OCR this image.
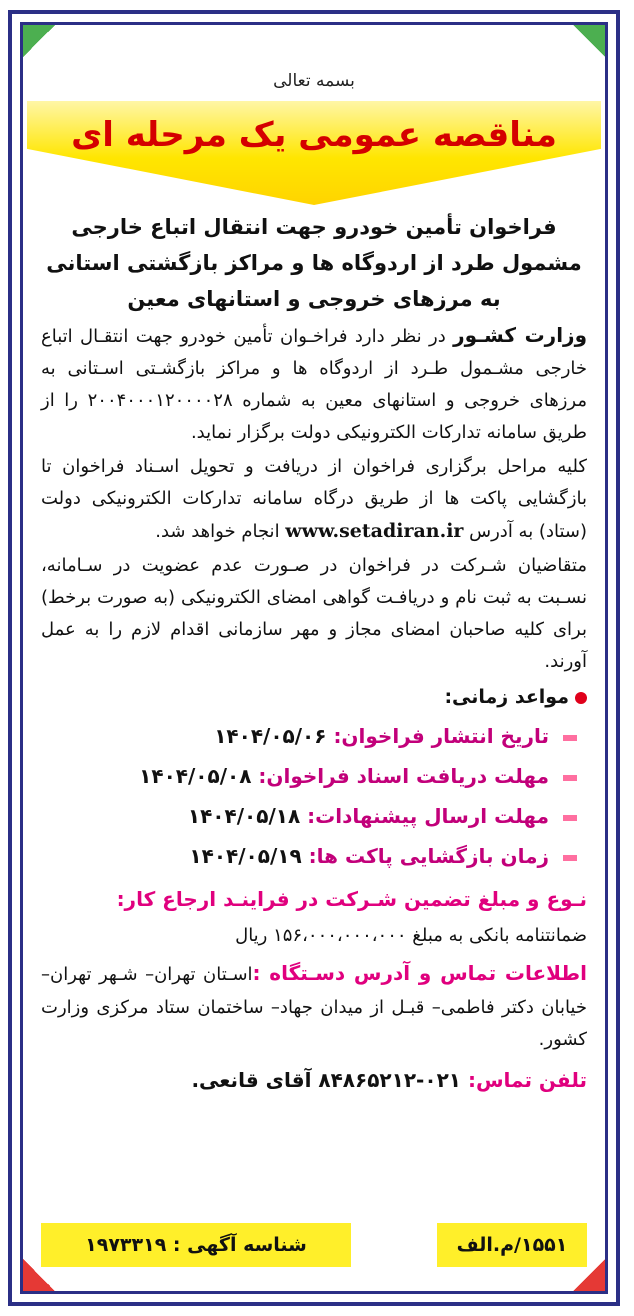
بسمه تعالی
مناقصه عمومی یک مرحله ای
فراخوان تأمین خودرو جهت انتقال اتباع خارجی
مشمول طرد از اردوگاه ها و مراکز بازگشتی استانی
به مرزهای خروجی و استانهای معین
وزارت کشـور در نظر دارد فراخـوان تأمین خودرو جهت انتقـال اتباع خارجی مشـمول طـرد از اردوگاه ها و مراکز بازگشـتی اسـتانی به مرزهای خروجی و استانهای معین به شماره ۲۰۰۴۰۰۰۱۲۰۰۰۰۲۸ را از طریق سامانه تدارکات الکترونیکی دولت برگزار نماید.
کلیه مراحل برگزاری فراخوان از دریافت و تحویل اسـناد فراخوان تا بازگشایی پاکت ها از طریق درگاه سامانه تدارکات الکترونیکی دولت (ستاد) به آدرس www.setadiran.ir انجام خواهد شد.
متقاضیان شـرکت در فراخوان در صـورت عدم عضویت در سـامانه، نسـبت به ثبت نام و دریافـت گواهی امضای الکترونیکی (به صورت برخط) برای کلیه صاحبان امضای مجاز و مهر سازمانی اقدام لازم را به عمل آورند.
مواعد زمانی:
تاریخ انتشار فراخوان: ۱۴۰۴/۰۵/۰۶
مهلت دریافت اسناد فراخوان: ۱۴۰۴/۰۵/۰۸
مهلت ارسال پیشنهادات: ۱۴۰۴/۰۵/۱۸
زمان بازگشایی پاکت ها: ۱۴۰۴/۰۵/۱۹
نـوع و مبلغ تضمین شـرکت در فراینـد ارجاع کار:
ضمانتنامه بانکی به مبلغ ۱۵۶،۰۰۰،۰۰۰،۰۰۰ ریال
اطلاعات تماس و آدرس دسـتگاه :اسـتان تهران– شـهر تهران– خیابان دکتر فاطمی– قبـل از میدان جهاد– ساختمان ستاد مرکزی وزارت کشور.
تلفن تماس: ۰۲۱-۸۴۸۶۵۲۱۲ آقای قانعی.
۱۵۵۱/م.الف
شناسه آگهی : ۱۹۷۳۳۱۹
